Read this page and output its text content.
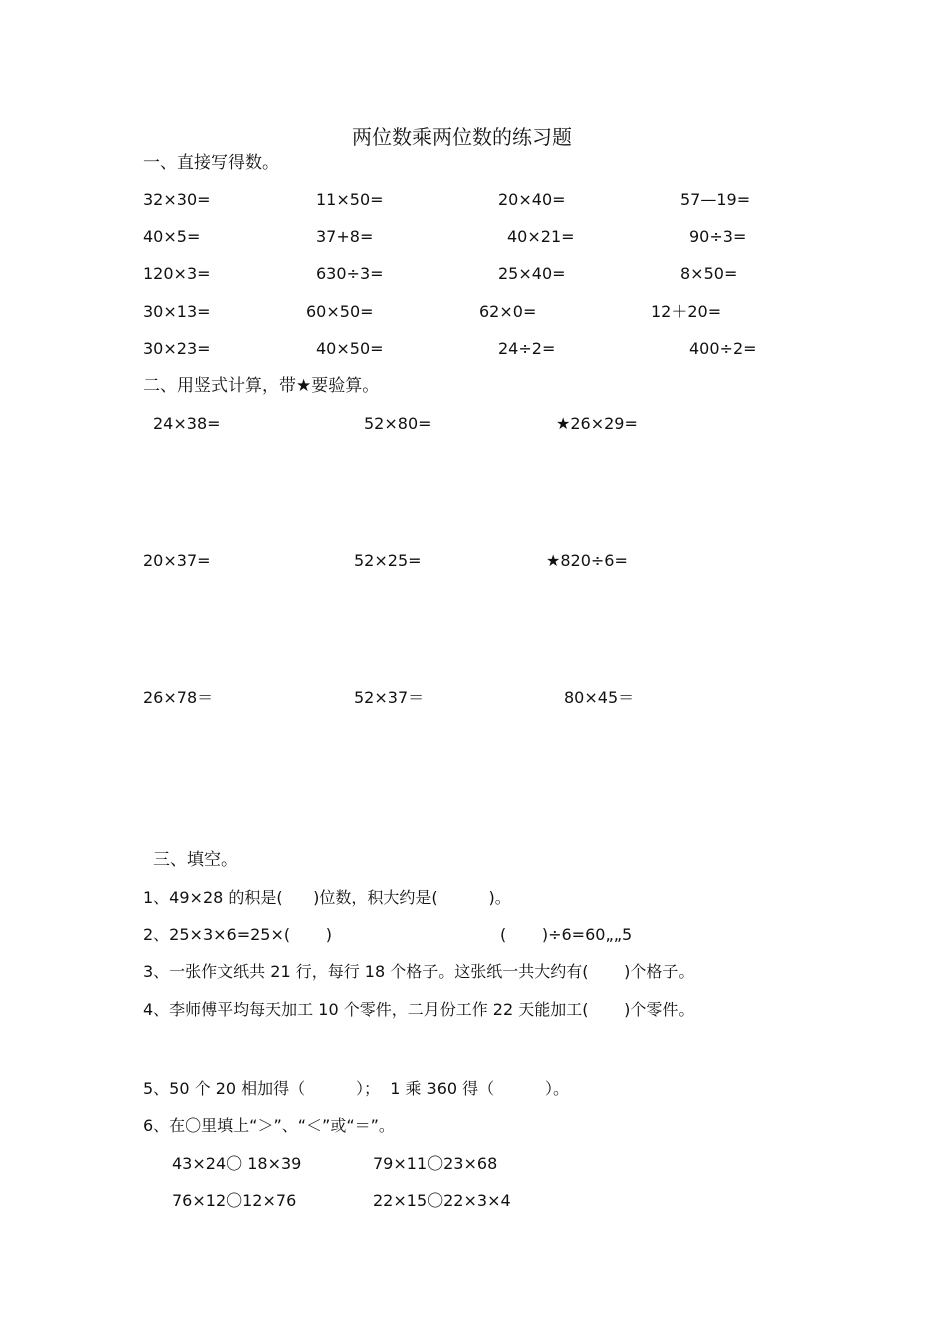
两位数乘两位数的练习题
一、直接写得数。
32×30=	11×50=	20×40=	57—19=
40×5=	37+8=	40×21=	90÷3=
120×3=	630÷3=	25×40=	8×50=
30×13=	60×50=	62×0=	12＋20=
30×23=	40×50=	24÷2=	400÷2=
二、用竖式计算，带★要验算。
24×38=	52×80=	★26×29=
20×37=	52×25=	★820÷6=
26×78＝	52×37＝	80×45＝
三、填空。
1、49×28 的积是(      )位数，积大约是(          )。
2、25×3×6=25×(       )	(       )÷6=60„„5
3、一张作文纸共 21 行，每行 18 个格子。这张纸一共大约有(       )个格子。
4、李师傅平均每天加工 10 个零件，二月份工作 22 天能加工(       )个零件。
5、50 个 20 相加得（          ）；  1 乘 360 得（          ）。
6、在〇里填上“＞”、“＜”或“＝”。
43×24〇 18×39	79×11〇23×68
76×12〇12×76	22×15〇22×3×4
